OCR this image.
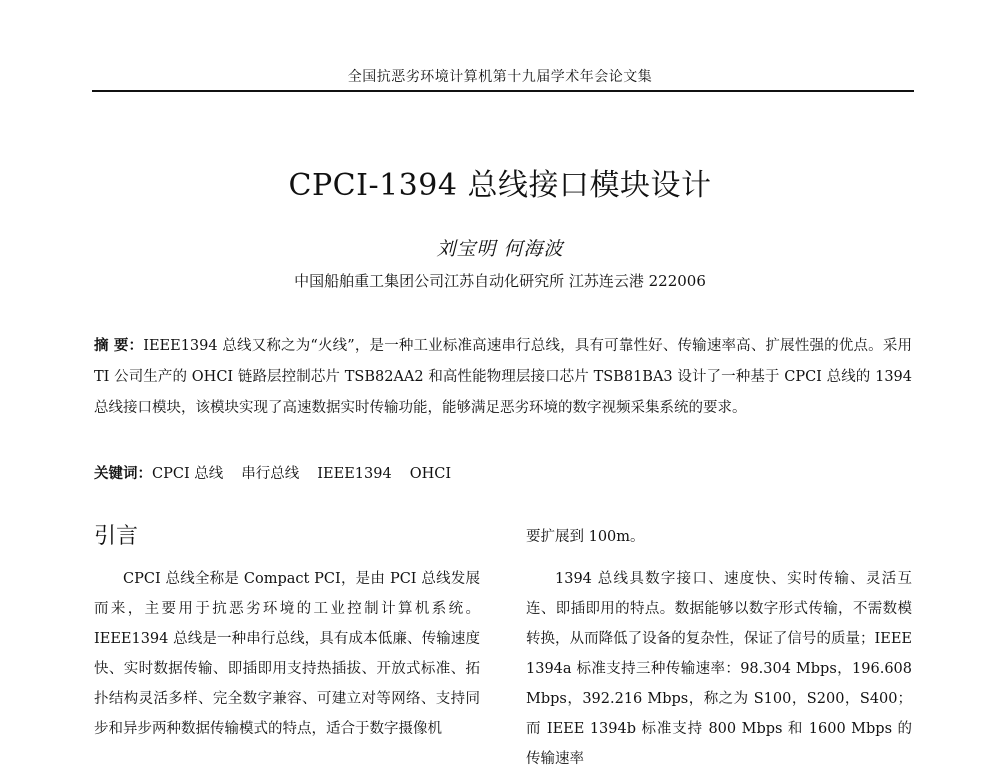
全国抗恶劣环境计算机第十九届学术年会论文集
CPCI-1394 总线接口模块设计
刘宝明 何海波
中国船舶重工集团公司江苏自动化研究所 江苏连云港 222006

摘 要：IEEE1394 总线又称之为“火线”，是一种工业标准高速串行总线，具有可靠性好、传输速率高、扩展性强的优点。采用 TI 公司生产的 OHCI 链路层控制芯片 TSB82AA2 和高性能物理层接口芯片 TSB81BA3 设计了一种基于 CPCI 总线的 1394 总线接口模块，该模块实现了高速数据实时传输功能，能够满足恶劣环境的数字视频采集系统的要求。

关键词：CPCI 总线 串行总线 IEEE1394 OHCI
引言

CPCI 总线全称是 Compact PCI，是由 PCI 总线发展而来，主要用于抗恶劣环境的工业控制计算机系统。IEEE1394 总线是一种串行总线，具有成本低廉、传输速度快、实时数据传输、即插即用支持热插拔、开放式标准、拓扑结构灵活多样、完全数字兼容、可建立对等网络、支持同步和异步两种数据传输模式的特点，适合于数字摄像机

要扩展到 100m。

1394 总线具数字接口、速度快、实时传输、灵活互连、即插即用的特点。数据能够以数字形式传输，不需数模转换，从而降低了设备的复杂性，保证了信号的质量；IEEE 1394a 标准支持三种传输速率：98.304 Mbps，196.608 Mbps，392.216 Mbps，称之为 S100，S200，S400；而 IEEE 1394b 标准支持 800 Mbps 和 1600 Mbps 的传输速率
